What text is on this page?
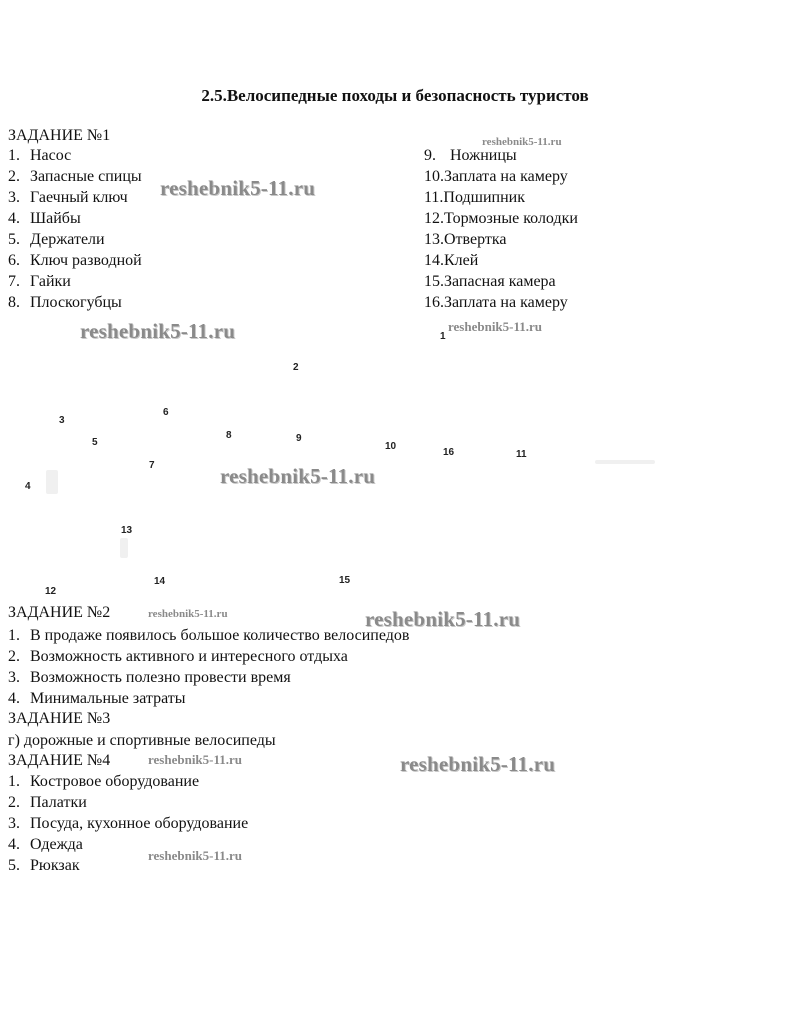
2.5.Велосипедные походы и безопасность туристов
ЗАДАНИЕ №1
1. Насос
2. Запасные спицы
3. Гаечный ключ
4. Шайбы
5. Держатели
6. Ключ разводной
7. Гайки
8. Плоскогубцы
9. Ножницы
10.Заплата на камеру
11.Подшипник
12.Тормозные колодки
13.Отвертка
14.Клей
15.Запасная камера
16.Заплата на камеру
1
2
3
4
5
6
7
8	9
10
11
12
13
14	15
16
ЗАДАНИЕ №2
1. В продаже появилось большое количество велосипедов
2. Возможность активного и интересного отдыха
3. Возможность полезно провести время
4. Минимальные затраты
ЗАДАНИЕ №3
г) дорожные и спортивные велосипеды
ЗАДАНИЕ №4
1. Костровое оборудование
2. Палатки
3. Посуда, кухонное оборудование
4. Одежда
5. Рюкзак
reshebnik5-11.ru
reshebnik5-11.ru
reshebnik5-11.ru	reshebnik5-11.ru
reshebnik5-11.ru
reshebnik5-11.ru	reshebnik5-11.ru
reshebnik5-11.ru	reshebnik5-11.ru
reshebnik5-11.ru
